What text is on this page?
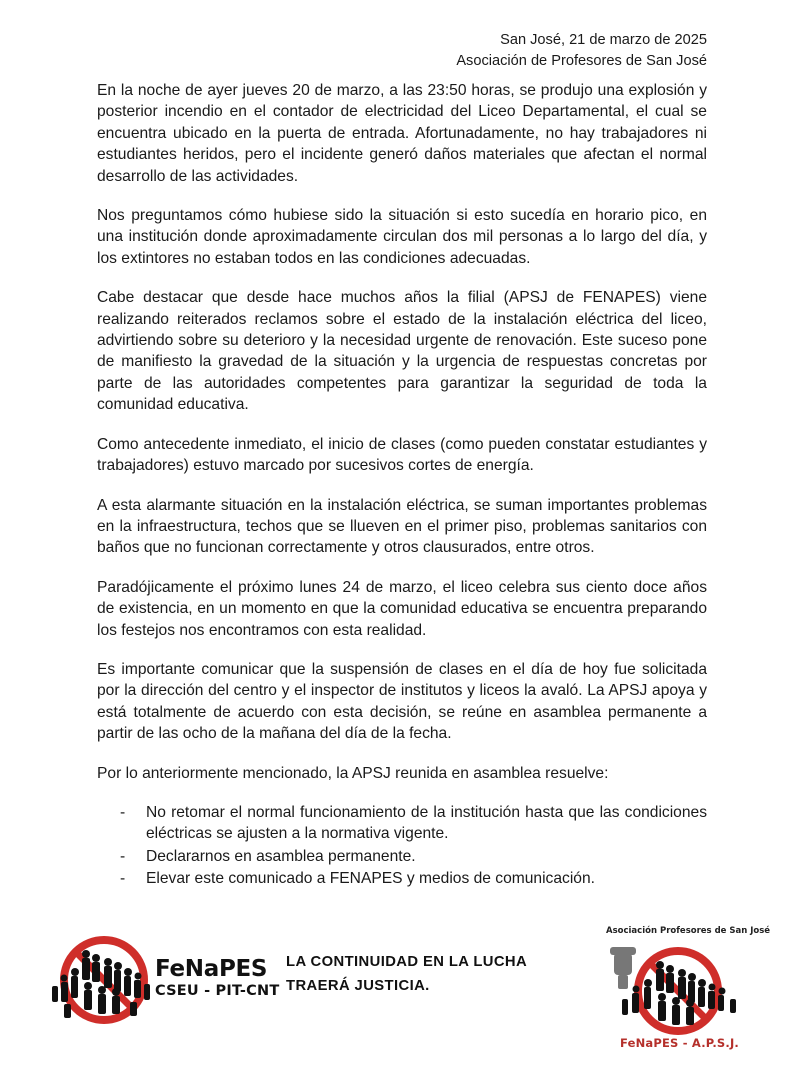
San José, 21 de marzo de 2025
Asociación de Profesores de San José

En la noche de ayer jueves 20 de marzo, a las 23:50 horas, se produjo una explosión y posterior incendio en el contador de electricidad del Liceo Departamental, el cual se encuentra ubicado en la puerta de entrada. Afortunadamente, no hay trabajadores ni estudiantes heridos, pero el incidente generó daños materiales que afectan el normal desarrollo de las actividades.

Nos preguntamos cómo hubiese sido la situación si esto sucedía en horario pico, en una institución donde aproximadamente circulan dos mil personas a lo largo del día, y los extintores no estaban todos en las condiciones adecuadas.

Cabe destacar que desde hace muchos años la filial (APSJ de FENAPES) viene realizando reiterados reclamos sobre el estado de la instalación eléctrica del liceo, advirtiendo sobre su deterioro y la necesidad urgente de renovación. Este suceso pone de manifiesto la gravedad de la situación y la urgencia de respuestas concretas por parte de las autoridades competentes para garantizar la seguridad de toda la comunidad educativa.

Como antecedente inmediato, el inicio de clases (como pueden constatar estudiantes y trabajadores) estuvo marcado por sucesivos cortes de energía.

A esta alarmante situación en la instalación eléctrica, se suman importantes problemas en la infraestructura, techos que se llueven en el primer piso, problemas sanitarios con baños que no funcionan correctamente y otros clausurados, entre otros.

Paradójicamente el próximo lunes 24 de marzo, el liceo celebra sus ciento doce años de existencia, en un momento en que la comunidad educativa se encuentra preparando los festejos nos encontramos con esta realidad.

Es importante comunicar que la suspensión de clases en el día de hoy fue solicitada por la dirección del centro y el inspector de institutos y liceos la avaló. La APSJ apoya y está totalmente de acuerdo con esta decisión, se reúne en asamblea permanente a partir de las ocho de la mañana del día de la fecha.

Por lo anteriormente mencionado, la APSJ reunida en asamblea resuelve:

- No retomar el normal funcionamiento de la institución hasta que las condiciones eléctricas se ajusten a la normativa vigente.
- Declararnos en asamblea permanente.
- Elevar este comunicado a FENAPES y medios de comunicación.
FeNaPES
CSEU - PIT-CNT
LA CONTINUIDAD EN LA LUCHA
TRAERÁ JUSTICIA.
Asociación Profesores de San José
FeNaPES - A.P.S.J.
